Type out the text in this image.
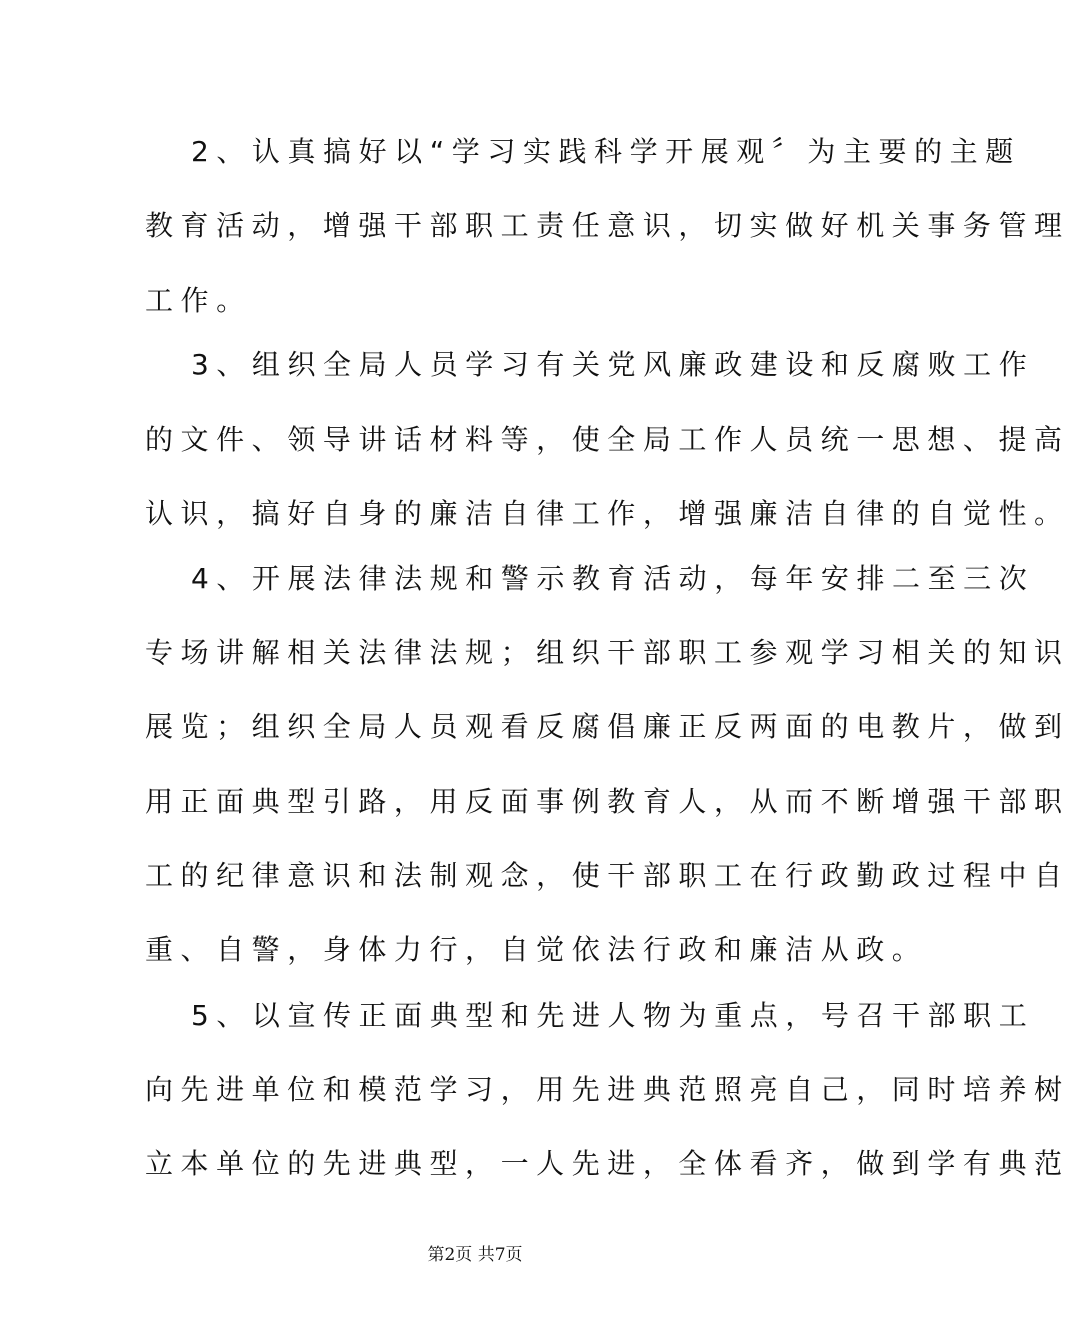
2、认真搞好以“学习实践科学开展观〞为主要的主题
教育活动，增强干部职工责任意识，切实做好机关事务管理
工作。
3、组织全局人员学习有关党风廉政建设和反腐败工作
的文件、领导讲话材料等，使全局工作人员统一思想、提高
认识，搞好自身的廉洁自律工作，增强廉洁自律的自觉性。
4、开展法律法规和警示教育活动，每年安排二至三次
专场讲解相关法律法规；组织干部职工参观学习相关的知识
展览；组织全局人员观看反腐倡廉正反两面的电教片，做到
用正面典型引路，用反面事例教育人，从而不断增强干部职
工的纪律意识和法制观念，使干部职工在行政勤政过程中自
重、自警，身体力行，自觉依法行政和廉洁从政。
5、以宣传正面典型和先进人物为重点，号召干部职工
向先进单位和模范学习，用先进典范照亮自己，同时培养树
立本单位的先进典型，一人先进，全体看齐，做到学有典范
第2页 共7页
